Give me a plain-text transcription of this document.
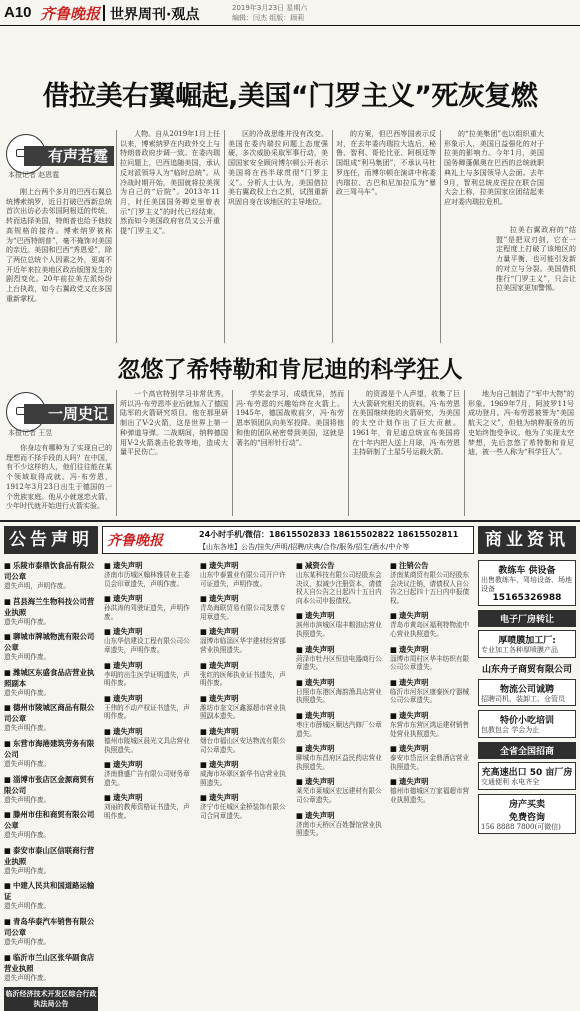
A10 齐鲁晚报 世界周刊·观点	2019年3月23日 星期六
编辑：闫杰 组版：顾莉
借拉美右翼崛起,美国“门罗主义”死灰复燃
有声若霆
本报记者 赵恩霆

刚上台两个多月的巴西右翼总统博索纳罗，近日打破巴西新总统首次出访必去邻国阿根廷的传统，转而选择美国，特朗普也给予他较高规格的接待。博索纳罗被称为“巴西特朗普”，毫不掩饰对美国的亲近。美国和巴西“秀恩爱”，除了两位总统个人因素之外，更离不开近年来拉美地区政治版图发生的剧烈变化。20年前拉美左派纷纷上台执政，如今右翼政党又在多国重新掌权。

人物。自从2019年1月上任以来，博索纳罗在内政外交上与特朗普政府步调一致。在委内瑞拉问题上，巴西追随美国，承认反对派领导人为“临时总统”。从冷战时期开始，美国就将拉美视为自己的“后院”。2013年11月，时任美国国务卿克里曾表示“门罗主义”的时代已经结束，然而如今美国政府官员又公开重提“门罗主义”。

区的冷战思维并没有改变。美国在委内瑞拉问题上态度强硬，多次威胁采取军事行动，美国国家安全顾问博尔顿公开表示美国将在西半球贯彻“门罗主义”。分析人士认为，美国借拉美右翼政权上台之机，试图重新巩固自身在该地区的主导地位。

的方案，但巴西等国表示反对，在去年委内瑞拉大选后，秘鲁、智利、哥伦比亚、阿根廷等国组成“利马集团”，不承认马杜罗连任，而博尔顿在演讲中称委内瑞拉、古巴和尼加拉瓜为“暴政三驾马车”。

的“拉美集团”也以组织重大形象示人，美国日益强化的对于拉美的影响力。今年1月，美国国务卿蓬佩奥在巴西的总统就职典礼上与多国领导人会面。去年9月，智利总统皮涅拉在联合国大会上称，拉美国家应团结起来应对委内瑞拉危机。

拉美右翼政府的“结盟”是把双刃剑，它在一定程度上打破了该地区的力量平衡，也可能引发新的对立与分裂。美国借机推行“门罗主义”，只会让拉美国家更加警惕。

忽悠了希特勒和肯尼迪的科学狂人
一周史记
本报记者 王昱

你身边有哪种为了实现自己的理想而不择手段的人吗？在中国，有不少这样的人，他们往往能在某个领域取得成就。冯·布劳恩，1912年3月23日出生于德国的一个贵族家庭。他从小就迷恋火箭，少年时代就开始进行火箭实验。

一个高官特别学习非常优秀，所以冯·布劳恩毕业后就加入了德国陆军的火箭研究项目。他在那里研制出了V-2火箭，这是世界上第一种弹道导弹。二战期间，纳粹德国用V-2火箭袭击伦敦等地，造成大量平民伤亡。

学奖金学习，成绩优异，然而冯·布劳恩的兴趣始终在火箭上。1945年，德国战败前夕，冯·布劳恩率领团队向美军投降。美国将他和他的团队秘密带到美国，这就是著名的“回形针行动”。

的资源是个人声望，收集了巨大火箭研究相关的资料。冯·布劳恩在美国继续他的火箭研究，为美国的太空计划作出了巨大贡献。1961年，肯尼迪总统宣布美国将在十年内把人送上月球，冯·布劳恩主持研制了土星5号运载火箭。

地为自己制造了“军中大物”的形象。1969年7月，阿波罗11号成功登月。冯·布劳恩被誉为“美国航天之父”，但他为纳粹服务的历史始终饱受争议。他为了实现太空梦想，先后忽悠了希特勒和肯尼迪，被一些人称为“科学狂人”。

公告声明	齐鲁晚报	24小时手机/微信：18615502833 18615502822 18615502811
【山东各地】公告/挂失/声明/招聘/庆典/合作/服务/招生/酒水/中介等	商业资讯
■ 乐陵市泰鼎饮食品有限公司公章
遗失声明，声明作废。
■ 莒县海兰生物科技公司营业执照
遗失声明作废。
■ 聊城市牌城物流有限公司公章
遗失声明作废。
■ 潍城区东盛食品店营业执照副本
遗失声明作废。
■ 德州市陵城区商品有限公司公章
遗失声明作废。
■ 东营市海港建筑劳务有限公司
遗失声明作废。
■ 淄博市张店区金源商贸有限公司
遗失声明作废。
■ 滕州市佳和商贸有限公司公章
遗失声明作废。
■ 泰安市泰山区信联商行营业执照
遗失声明作废。
■ 中建人民共和国道路运输证
遗失声明作废。
■ 青岛华泰汽车销售有限公司公章
遗失声明作废。
■ 临沂市兰山区张华副食店营业执照
遗失声明作废。
临沂经济技术开发区综合行政执法局公告
■ 遗失声明
济南市历城区翰林雅居业主委员会印章遗失，声明作废。
■ 遗失声明
孙洪涛的驾驶证遗失，声明作废。
■ 遗失声明
山东华信建设工程有限公司公章遗失，声明作废。
■ 遗失声明
李明的出生医学证明遗失，声明作废。
■ 遗失声明
王伟的不动产权证书遗失，声明作废。
■ 遗失声明
德州市陵城区晨光文具店营业执照遗失。
■ 遗失声明
济南鼎盛广告有限公司财务章遗失。
■ 遗失声明
刘丽的教师资格证书遗失，声明作废。
■ 遗失声明
山东中泰置业有限公司开户许可证遗失，声明作废。
■ 遗失声明
青岛海联贸易有限公司发票专用章遗失。
■ 遗失声明
淄博市临淄区华宇建材经营部营业执照遗失。
■ 遗失声明
张红的医师执业证书遗失，声明作废。
■ 遗失声明
潍坊市奎文区鑫源超市营业执照副本遗失。
■ 遗失声明
烟台市福山区安达物流有限公司公章遗失。
■ 遗失声明
威海市环翠区新华书店营业执照遗失。
■ 遗失声明
济宁市任城区金桥装饰有限公司合同章遗失。
■ 减资公告
山东某科技有限公司经股东会决议，拟减少注册资本，请债权人自公告之日起四十五日内向本公司申报债权。
■ 遗失声明
滨州市滨城区瑞丰粮油店营业执照遗失。
■ 遗失声明
菏泽市牡丹区恒信电器商行公章遗失。
■ 遗失声明
日照市东港区海韵渔具店营业执照遗失。
■ 遗失声明
枣庄市薛城区顺达汽修厂公章遗失。
■ 遗失声明
聊城市东昌府区益民药店营业执照遗失。
■ 遗失声明
莱芜市莱城区宏远建材有限公司公章遗失。
■ 遗失声明
济南市天桥区百姓餐馆营业执照遗失。
■ 注销公告
济南某商贸有限公司经股东会决议注销，请债权人自公告之日起四十五日内申报债权。
■ 遗失声明
青岛市黄岛区福利特物流中心营业执照遗失。
■ 遗失声明
淄博市周村区华丰纺织有限公司公章遗失。
■ 遗失声明
临沂市河东区康泰医疗器械公司公章遗失。
■ 遗失声明
东营市东营区鸿运建材销售处营业执照遗失。
■ 遗失声明
泰安市岱岳区金鼎酒店营业执照遗失。
■ 遗失声明
德州市德城区万家福超市营业执照遗失。
教练车 供设备
出售教练车、驾培设备、场地设备
15165326988
电子厂房转让
厚喷膜加工厂:
专业加工各种厚喷膜产品
山东舟子商贸有限公司
物流公司诚聘
招聘司机、装卸工、仓管员
特价小吃培训
包教包会 学会为止
全省全国招商
充高速出口 50 亩厂房
交通便利 水电齐全
房产买卖
免费咨询
156 8888 7800(可微信)
